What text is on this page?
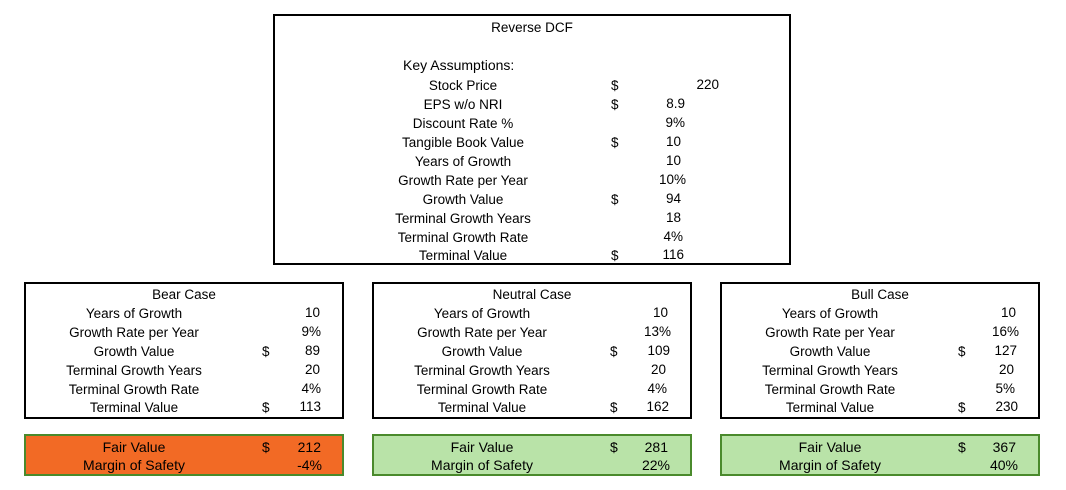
Reverse DCF
Key Assumptions:
Stock Price	$	220
EPS w/o NRI	$	8.9
Discount Rate %	9%
Tangible Book Value	$	10
Years of Growth	10
Growth Rate per Year	10%
Growth Value	$	94
Terminal Growth Years	18
Terminal Growth Rate	4%
Terminal Value	$	116
Bear Case
Years of Growth	10
Growth Rate per Year	9%
Growth Value	$	89
Terminal Growth Years	20
Terminal Growth Rate	4%
Terminal Value	$	113
Neutral Case
Years of Growth	10
Growth Rate per Year	13%
Growth Value	$	109
Terminal Growth Years	20
Terminal Growth Rate	4%
Terminal Value	$	162
Bull Case
Years of Growth	10
Growth Rate per Year	16%
Growth Value	$	127
Terminal Growth Years	20
Terminal Growth Rate	5%
Terminal Value	$	230
Fair Value	$	212
Margin of Safety	-4%
Fair Value	$	281
Margin of Safety	22%
Fair Value	$	367
Margin of Safety	40%
